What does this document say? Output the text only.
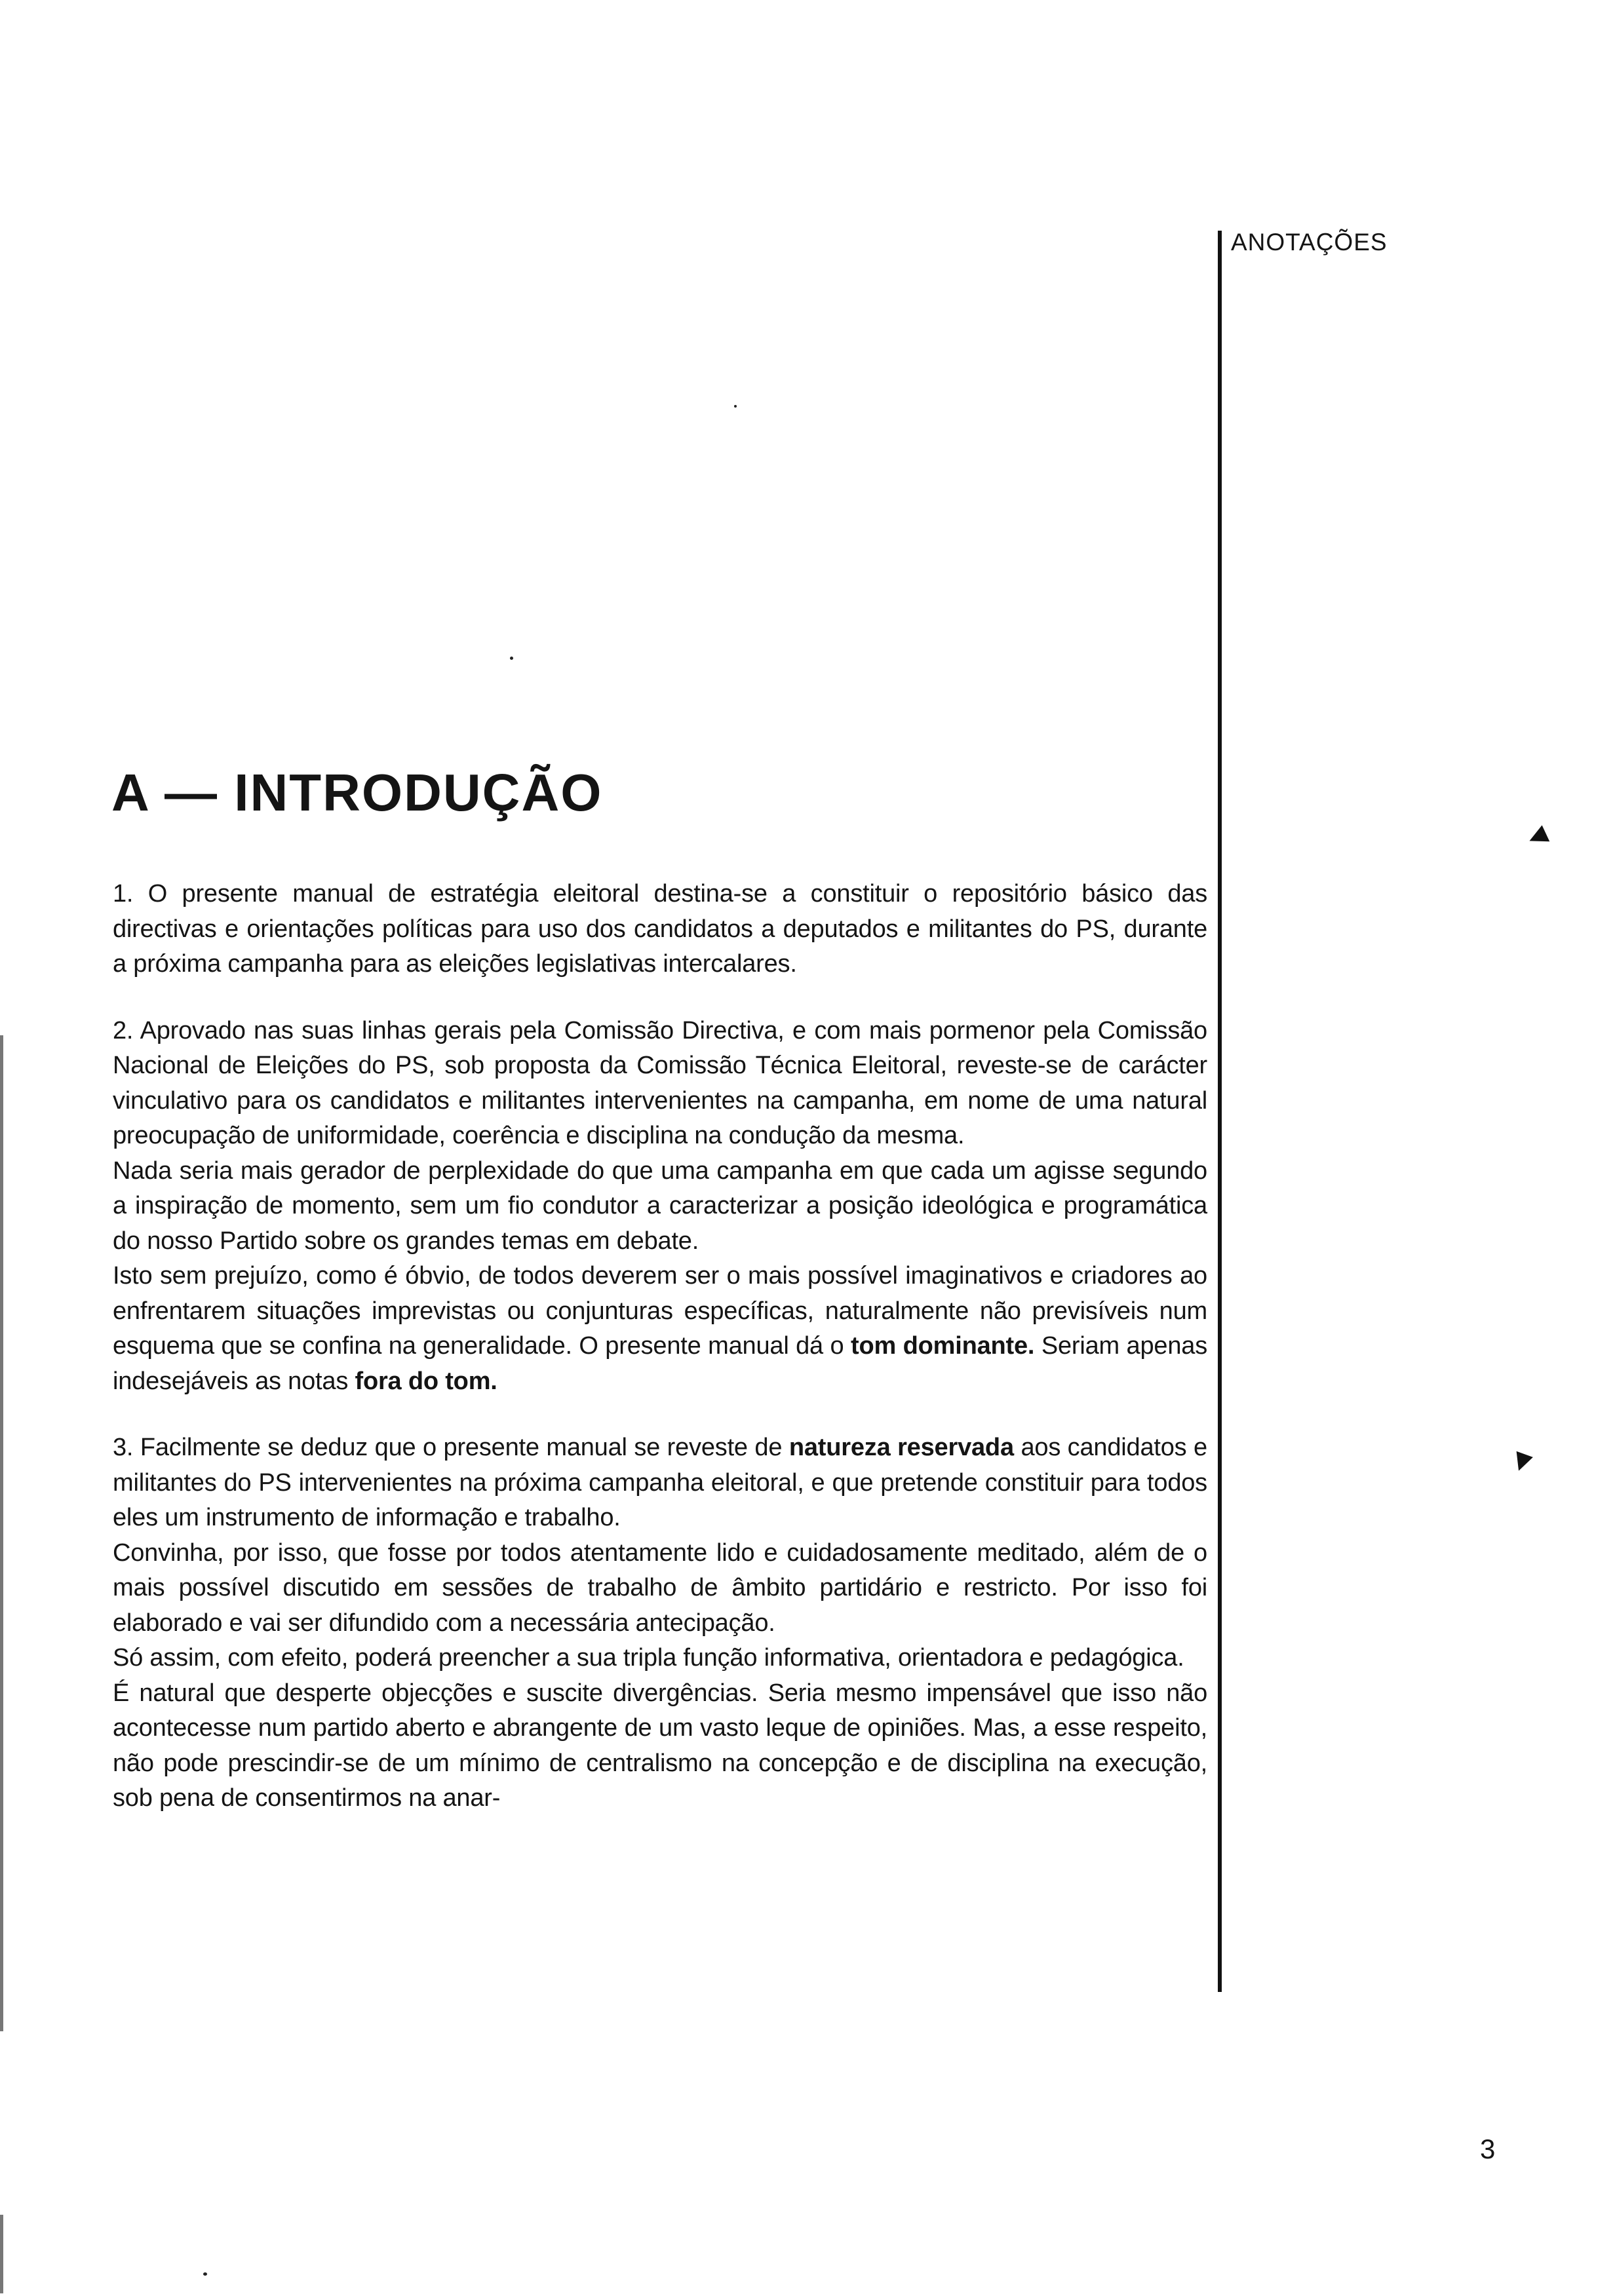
ANOTAÇÕES
◄
▼
A — INTRODUÇÃO

1. O presente manual de estratégia eleitoral destina-se a constituir o repositório básico das directivas e orientações políticas para uso dos candidatos a deputados e militantes do PS, durante a próxima campanha para as eleições legislativas intercalares.

2. Aprovado nas suas linhas gerais pela Comissão Directiva, e com mais pormenor pela Comissão Nacional de Eleições do PS, sob proposta da Comissão Técnica Eleitoral, reveste-se de carácter vinculativo para os candidatos e militantes intervenientes na campanha, em nome de uma natural preocupação de uniformidade, coerência e disciplina na condução da mesma.

Nada seria mais gerador de perplexidade do que uma campanha em que cada um agisse segundo a inspiração de momento, sem um fio condutor a caracterizar a posição ideológica e programática do nosso Partido sobre os grandes temas em debate.

Isto sem prejuízo, como é óbvio, de todos deverem ser o mais possível imaginativos e criadores ao enfrentarem situações imprevistas ou conjunturas específicas, naturalmente não previsíveis num esquema que se confina na generalidade. O presente manual dá o tom dominante. Seriam apenas indesejáveis as notas fora do tom.

3. Facilmente se deduz que o presente manual se reveste de natureza reservada aos candidatos e militantes do PS intervenientes na próxima campanha eleitoral, e que pretende constituir para todos eles um instrumento de informação e trabalho.

Convinha, por isso, que fosse por todos atentamente lido e cuidadosamente meditado, além de o mais possível discutido em sessões de trabalho de âmbito partidário e restricto. Por isso foi elaborado e vai ser difundido com a necessária antecipação.

Só assim, com efeito, poderá preencher a sua tripla função informativa, orientadora e pedagógica.

É natural que desperte objecções e suscite divergências. Seria mesmo impensável que isso não acontecesse num partido aberto e abrangente de um vasto leque de opiniões. Mas, a esse respeito, não pode prescindir-se de um mínimo de centralismo na concepção e de disciplina na execução, sob pena de consentirmos na anar-

3
